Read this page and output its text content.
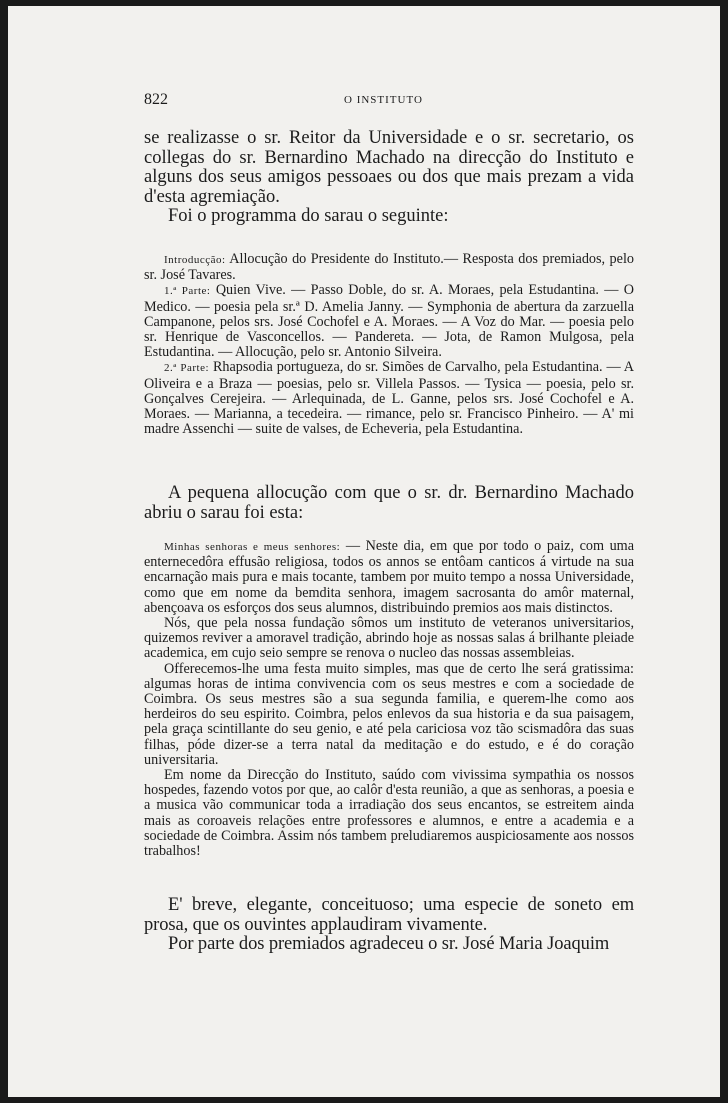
822	O INSTITUTO

se realizasse o sr. Reitor da Universidade e o sr. secretario, os collegas do sr. Bernardino Machado na direcção do Instituto e alguns dos seus amigos pessoaes ou dos que mais prezam a vida d'esta agremiação.

Foi o programma do sarau o seguinte:

Introducção: Allocução do Presidente do Instituto.— Resposta dos premiados, pelo sr. José Tavares.

1.ª Parte: Quien Vive. — Passo Doble, do sr. A. Moraes, pela Estudantina. — O Medico. — poesia pela sr.ª D. Amelia Janny. — Symphonia de abertura da zarzuella Campanone, pelos srs. José Cochofel e A. Moraes. — A Voz do Mar. — poesia pelo sr. Henrique de Vasconcellos. — Pandereta. — Jota, de Ramon Mulgosa, pela Estudantina. — Allocução, pelo sr. Antonio Silveira.

2.ª Parte: Rhapsodia portugueza, do sr. Simões de Carvalho, pela Estudantina. — A Oliveira e a Braza — poesias, pelo sr. Villela Passos. — Tysica — poesia, pelo sr. Gonçalves Cerejeira. — Arlequinada, de L. Ganne, pelos srs. José Cochofel e A. Moraes. — Marianna, a tecedeira. — rimance, pelo sr. Francisco Pinheiro. — A' mi madre Assenchi — suite de valses, de Echeveria, pela Estudantina.

A pequena allocução com que o sr. dr. Bernardino Machado abriu o sarau foi esta:

Minhas senhoras e meus senhores: — Neste dia, em que por todo o paiz, com uma enternecedôra effusão religiosa, todos os annos se entôam canticos á virtude na sua encarnação mais pura e mais tocante, tambem por muito tempo a nossa Universidade, como que em nome da bemdita senhora, imagem sacrosanta do amôr maternal, abençoava os esforços dos seus alumnos, distribuindo premios aos mais distinctos.

Nós, que pela nossa fundação sômos um instituto de veteranos universitarios, quizemos reviver a amoravel tradição, abrindo hoje as nossas salas á brilhante pleiade academica, em cujo seio sempre se renova o nucleo das nossas assembleias.

Offerecemos-lhe uma festa muito simples, mas que de certo lhe será gratissima: algumas horas de intima convivencia com os seus mestres e com a sociedade de Coimbra. Os seus mestres são a sua segunda familia, e querem-lhe como aos herdeiros do seu espirito. Coimbra, pelos enlevos da sua historia e da sua paisagem, pela graça scintillante do seu genio, e até pela cariciosa voz tão scismadôra das suas filhas, póde dizer-se a terra natal da meditação e do estudo, e é do coração universitaria.

Em nome da Direcção do Instituto, saúdo com vivissima sympathia os nossos hospedes, fazendo votos por que, ao calôr d'esta reunião, a que as senhoras, a poesia e a musica vão communicar toda a irradiação dos seus encantos, se estreitem ainda mais as coroaveis relações entre professores e alumnos, e entre a academia e a sociedade de Coimbra. Assim nós tambem preludiaremos auspiciosamente aos nossos trabalhos!

E' breve, elegante, conceituoso; uma especie de soneto em prosa, que os ouvintes applaudiram vivamente.

Por parte dos premiados agradeceu o sr. José Maria Joaquim
